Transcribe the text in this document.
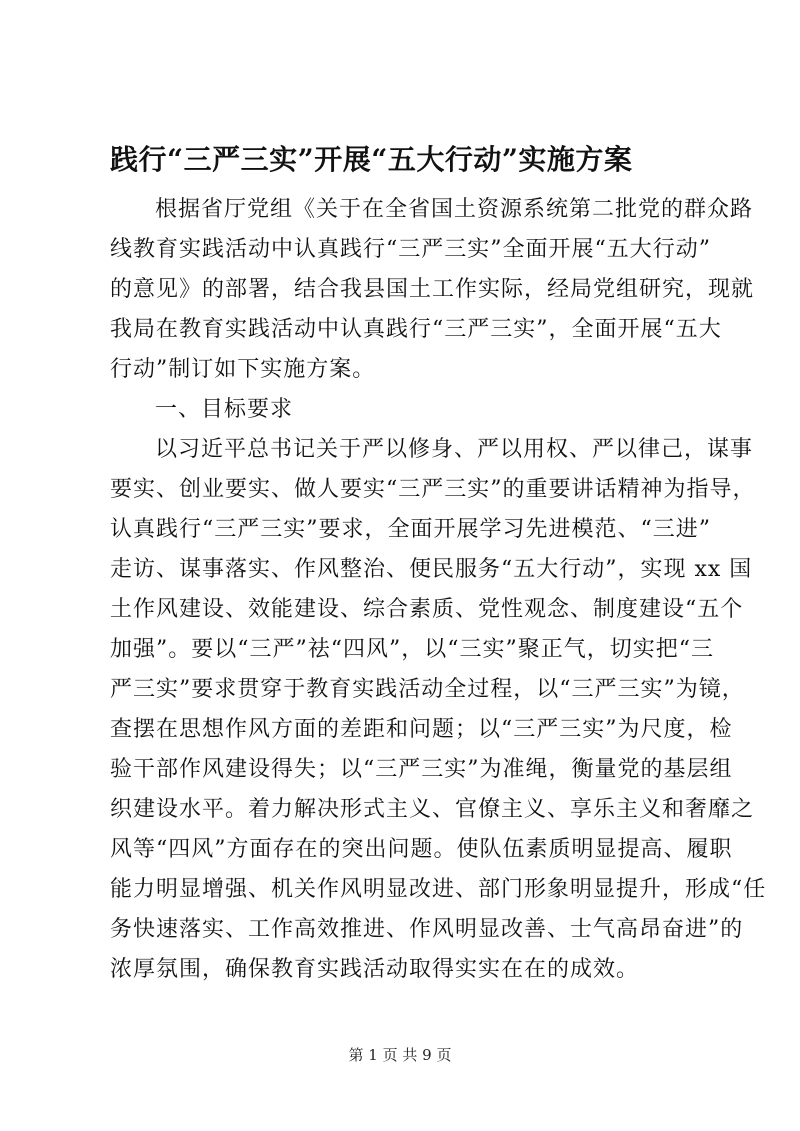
践行“三严三实”开展“五大行动”实施方案
根据省厅党组《关于在全省国土资源系统第二批党的群众路
线教育实践活动中认真践行“三严三实”全面开展“五大行动”
的意见》的部署，结合我县国土工作实际，经局党组研究，现就
我局在教育实践活动中认真践行“三严三实”，全面开展“五大
行动”制订如下实施方案。
一、目标要求
以习近平总书记关于严以修身、严以用权、严以律己，谋事
要实、创业要实、做人要实“三严三实”的重要讲话精神为指导，
认真践行“三严三实”要求，全面开展学习先进模范、“三进”
走访、谋事落实、作风整治、便民服务“五大行动”，实现 xx 国
土作风建设、效能建设、综合素质、党性观念、制度建设“五个
加强”。要以“三严”祛“四风”，以“三实”聚正气，切实把“三
严三实”要求贯穿于教育实践活动全过程，以“三严三实”为镜，
查摆在思想作风方面的差距和问题；以“三严三实”为尺度，检
验干部作风建设得失；以“三严三实”为准绳，衡量党的基层组
织建设水平。着力解决形式主义、官僚主义、享乐主义和奢靡之
风等“四风”方面存在的突出问题。使队伍素质明显提高、履职
能力明显增强、机关作风明显改进、部门形象明显提升，形成“任
务快速落实、工作高效推进、作风明显改善、士气高昂奋进”的
浓厚氛围，确保教育实践活动取得实实在在的成效。
第 1 页 共 9 页
